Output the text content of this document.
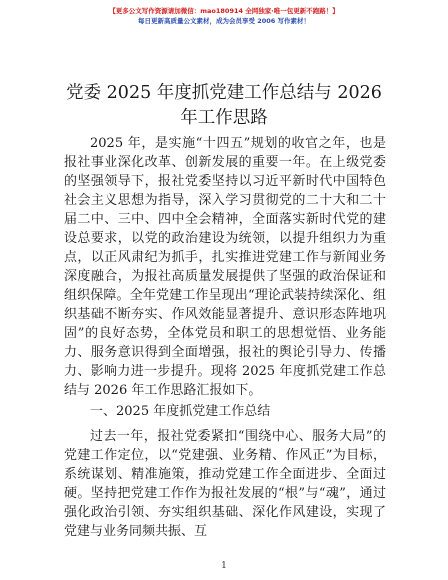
【更多公文写作资源请加微信：mao180914 全网独家·唯一包更新不跑路！】
每日更新高质量公文素材，成为会员享受 2006 写作素材！
党委 2025 年度抓党建工作总结与 2026 年工作思路

2025 年，是实施“十四五”规划的收官之年，也是报社事业深化改革、创新发展的重要一年。在上级党委的坚强领导下，报社党委坚持以习近平新时代中国特色社会主义思想为指导，深入学习贯彻党的二十大和二十届二中、三中、四中全会精神，全面落实新时代党的建设总要求，以党的政治建设为统领，以提升组织力为重点，以正风肃纪为抓手，扎实推进党建工作与新闻业务深度融合，为报社高质量发展提供了坚强的政治保证和组织保障。全年党建工作呈现出“理论武装持续深化、组织基础不断夯实、作风效能显著提升、意识形态阵地巩固”的良好态势，全体党员和职工的思想觉悟、业务能力、服务意识得到全面增强，报社的舆论引导力、传播力、影响力进一步提升。现将 2025 年度抓党建工作总结与 2026 年工作思路汇报如下。

一、2025 年度抓党建工作总结

过去一年，报社党委紧扣“围绕中心、服务大局”的党建工作定位，以“党建强、业务精、作风正”为目标，系统谋划、精准施策，推动党建工作全面进步、全面过硬。坚持把党建工作作为报社发展的“根”与“魂”，通过强化政治引领、夯实组织基础、深化作风建设，实现了党建与业务同频共振、互

1
